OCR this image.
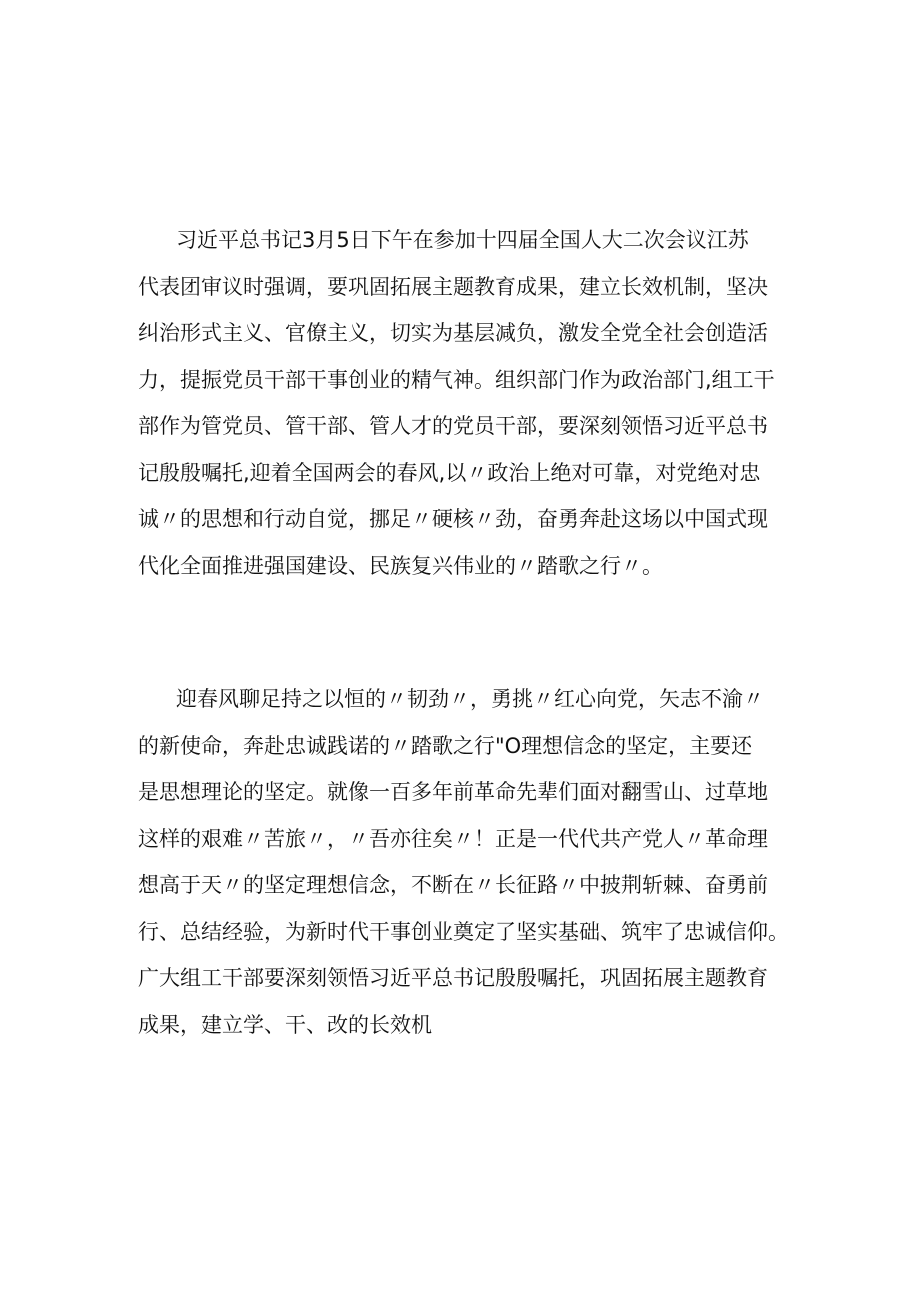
习近平总书记3月5日下午在参加十四届全国人大二次会议江苏
代表团审议时强调，要巩固拓展主题教育成果，建立长效机制，坚决
纠治形式主义、官僚主义，切实为基层减负，激发全党全社会创造活
力，提振党员干部干事创业的精气神。组织部门作为政治部门,组工干
部作为管党员、管干部、管人才的党员干部，要深刻领悟习近平总书
记殷殷嘱托,迎着全国两会的春风,以〃政治上绝对可靠，对党绝对忠
诚〃的思想和行动自觉，挪足〃硬核〃劲，奋勇奔赴这场以中国式现
代化全面推进强国建设、民族复兴伟业的〃踏歌之行〃。
迎春风聊足持之以恒的〃韧劲〃，勇挑〃红心向党，矢志不渝〃
的新使命，奔赴忠诚践诺的〃踏歌之行"O理想信念的坚定，主要还
是思想理论的坚定。就像一百多年前革命先辈们面对翻雪山、过草地
这样的艰难〃苦旅〃，〃吾亦往矣〃！正是一代代共产党人〃革命理
想高于天〃的坚定理想信念，不断在〃长征路〃中披荆斩棘、奋勇前
行、总结经验，为新时代干事创业奠定了坚实基础、筑牢了忠诚信仰。
广大组工干部要深刻领悟习近平总书记殷殷嘱托，巩固拓展主题教育
成果，建立学、干、改的长效机
